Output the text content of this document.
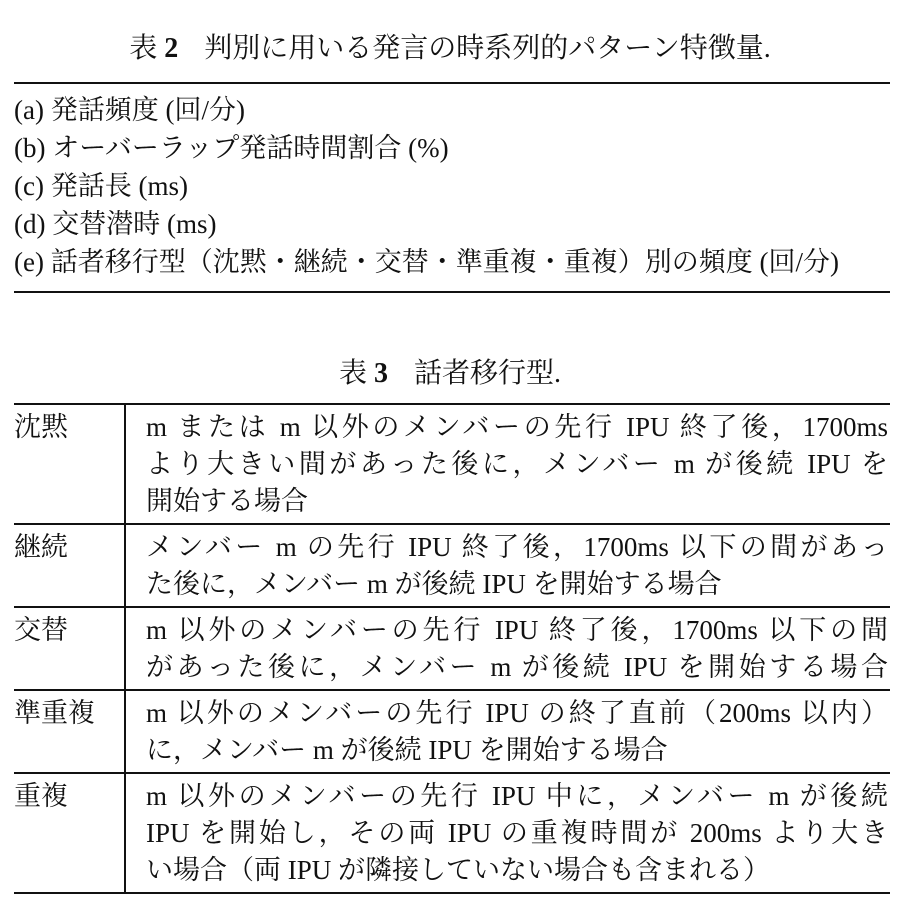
表 2 判別に用いる発言の時系列的パターン特徴量.
(a) 発話頻度 (回/分)
(b) オーバーラップ発話時間割合 (%)
(c) 発話長 (ms)
(d) 交替潜時 (ms)
(e) 話者移行型（沈黙・継続・交替・準重複・重複）別の頻度 (回/分)
表 3 話者移行型.
沈黙	m または m 以外のメンバーの先行 IPU 終了後，1700ms
より大きい間があった後に，メンバー m が後続 IPU を
開始する場合
継続	メンバー m の先行 IPU 終了後，1700ms 以下の間があっ
た後に，メンバー m が後続 IPU を開始する場合
交替	m 以外のメンバーの先行 IPU 終了後，1700ms 以下の間
があった後に，メンバー m が後続 IPU を開始する場合
準重複	m 以外のメンバーの先行 IPU の終了直前（200ms 以内）
に，メンバー m が後続 IPU を開始する場合
重複	m 以外のメンバーの先行 IPU 中に，メンバー m が後続
IPU を開始し，その両 IPU の重複時間が 200ms より大き
い場合（両 IPU が隣接していない場合も含まれる）
